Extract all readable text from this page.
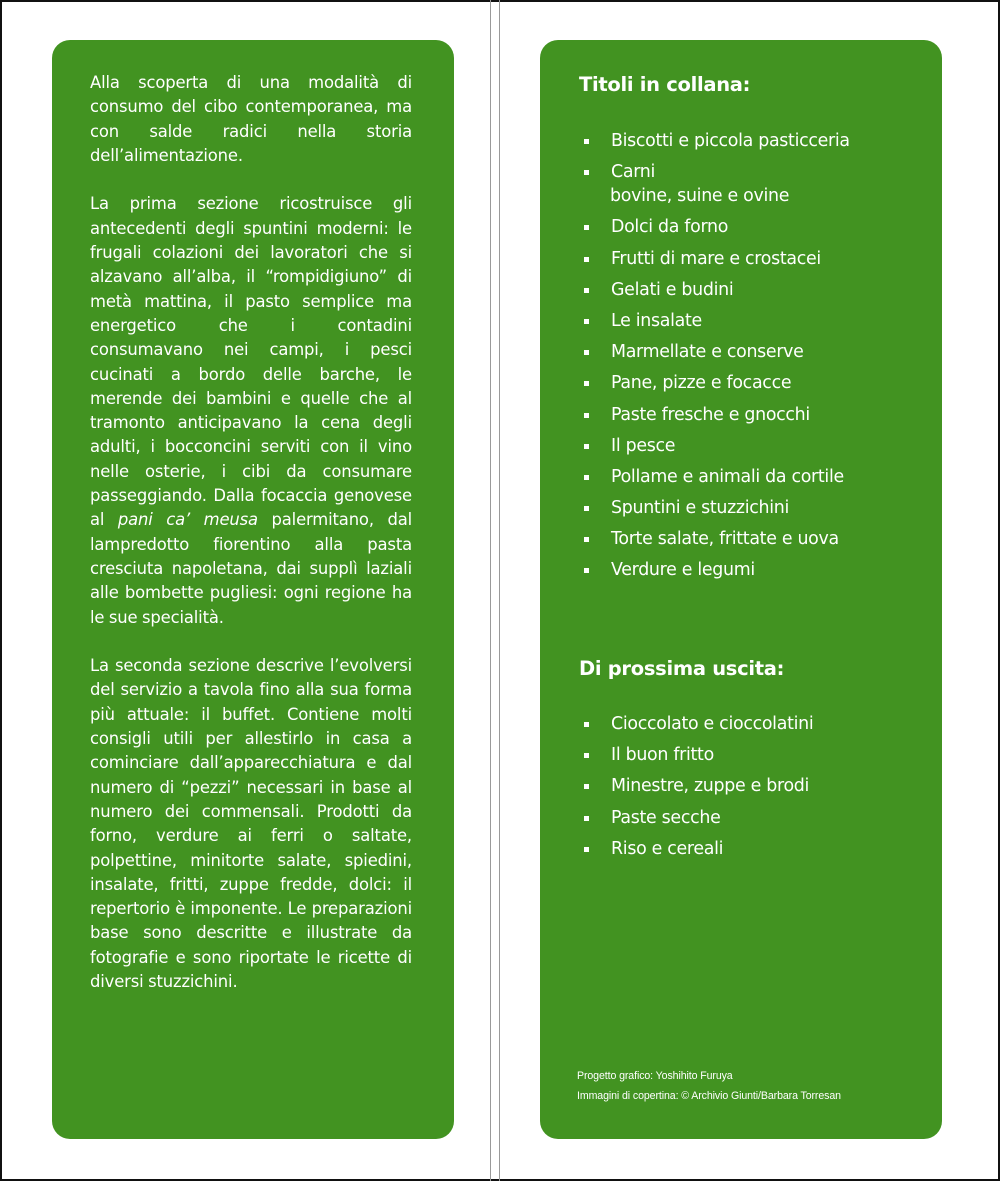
Alla scoperta di una modalità di consumo del cibo contemporanea, ma con salde radici nella storia dell’alimentazione.

La prima sezione ricostruisce gli antecedenti degli spuntini moderni: le frugali colazioni dei lavoratori che si alzavano all’alba, il “rompidigiuno” di metà mattina, il pasto semplice ma energetico che i contadini consumavano nei campi, i pesci cucinati a bordo delle barche, le merende dei bambini e quelle che al tramonto anticipavano la cena degli adulti, i bocconcini serviti con il vino nelle osterie, i cibi da consumare passeggiando. Dalla focaccia genovese al pani ca’ meusa palermitano, dal lampredotto fiorentino alla pasta cresciuta napoletana, dai supplì laziali alle bombette pugliesi: ogni regione ha le sue specialità.

La seconda sezione descrive l’evolversi del servizio a tavola fino alla sua forma più attuale: il buffet. Contiene molti consigli utili per allestirlo in casa a cominciare dall’apparecchiatura e dal numero di “pezzi” necessari in base al numero dei commensali. Prodotti da forno, verdure ai ferri o saltate, polpettine, minitorte salate, spiedini, insalate, fritti, zuppe fredde, dolci: il repertorio è imponente. Le preparazioni base sono descritte e illustrate da fotografie e sono riportate le ricette di diversi stuzzichini.

Titoli in collana:
Biscotti e piccola pasticceria
Carni
bovine, suine e ovine
Dolci da forno
Frutti di mare e crostacei
Gelati e budini
Le insalate
Marmellate e conserve
Pane, pizze e focacce
Paste fresche e gnocchi
Il pesce
Pollame e animali da cortile
Spuntini e stuzzichini
Torte salate, frittate e uova
Verdure e legumi
Di prossima uscita:
Cioccolato e cioccolatini
Il buon fritto
Minestre, zuppe e brodi
Paste secche
Riso e cereali
Progetto grafico: Yoshihito Furuya
Immagini di copertina: © Archivio Giunti/Barbara Torresan
